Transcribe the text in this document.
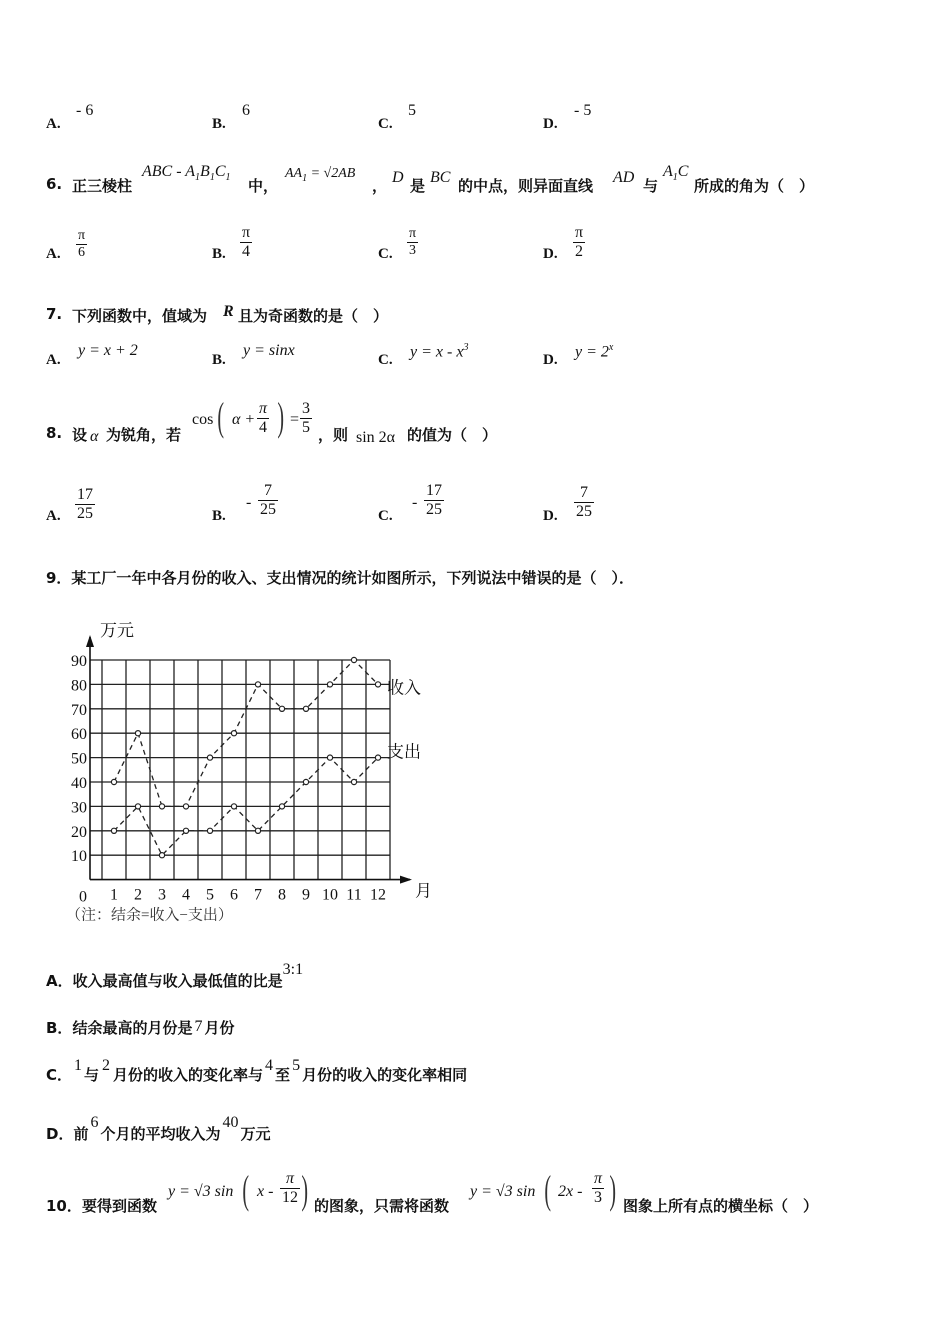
A.
- 6
B.
6
C.
5
D.
- 5
6. 正三棱柱
ABC - $A_1B_1C_1$ 中，
$AA_1 = √2AB$
， D 是 BC 的中点，则异面直线 AD 与
$A_1C$
所成的角为（　）
A. $\frac{\pi}{6}$	B. $\frac{\pi}{4}$	C. $\frac{\pi}{3}$	D. $\frac{\pi}{2}$
7. 下列函数中，值域为 R 且为奇函数的是（　）
A.
y = x + 2
B.
y = sinx
C. $y = x - x^3$
D. $y = 2^x$
8. 设 α 为锐角，若
cos ( $\alpha + \frac{\pi}{4}$ ) = $\frac{3}{5}$ ，则 sin 2α 的值为（　）
A. $\frac{17}{25}$	B.
- $\frac{7}{25}$	C.
- $\frac{17}{25}$	D. $\frac{7}{25}$
9．某工厂一年中各月份的收入、支出情况的统计如图所示，下列说法中错误的是（　）．
0
10
20
30
40
50
60
70
80
90
1 2 3 4 5 6 7 8 9 10 11 12
万元
月
（注：结余=收入−支出）
收入
支出
A．收入最高值与收入最低值的比是3:1
B．结余最高的月份是 7 月份
C．1与2月份的收入的变化率与4至5月份的收入的变化率相同
D．前6个月的平均收入为40万元
10． 要得到函数
y = √3 sin ( x - $\frac{\pi}{12}$ ) 的图象，只需将函数
y = √3 sin ( $2x - \frac{\pi}{3}$ ) 图象上所有点的横坐标（　）
